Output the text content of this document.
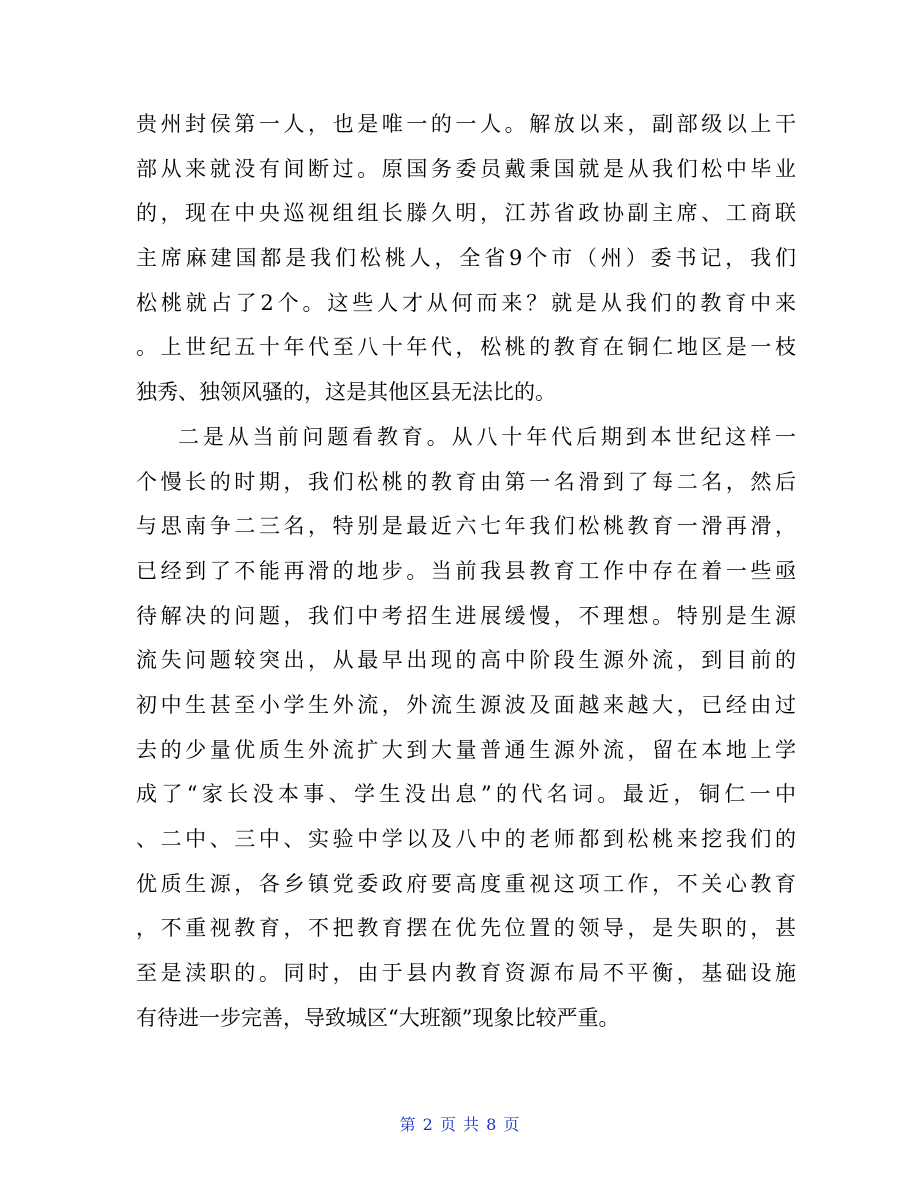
贵州封侯第一人，也是唯一的一人。解放以来，副部级以上干
部从来就没有间断过。原国务委员戴秉国就是从我们松中毕业
的，现在中央巡视组组长滕久明，江苏省政协副主席、工商联
主席麻建国都是我们松桃人，全省9个市（州）委书记，我们
松桃就占了2个。这些人才从何而来？就是从我们的教育中来
。上世纪五十年代至八十年代，松桃的教育在铜仁地区是一枝
独秀、独领风骚的，这是其他区县无法比的。
二是从当前问题看教育。从八十年代后期到本世纪这样一
个慢长的时期，我们松桃的教育由第一名滑到了每二名，然后
与思南争二三名，特别是最近六七年我们松桃教育一滑再滑，
已经到了不能再滑的地步。当前我县教育工作中存在着一些亟
待解决的问题，我们中考招生进展缓慢，不理想。特别是生源
流失问题较突出，从最早出现的高中阶段生源外流，到目前的
初中生甚至小学生外流，外流生源波及面越来越大，已经由过
去的少量优质生外流扩大到大量普通生源外流，留在本地上学
成了“家长没本事、学生没出息”的代名词。最近，铜仁一中
、二中、三中、实验中学以及八中的老师都到松桃来挖我们的
优质生源，各乡镇党委政府要高度重视这项工作，不关心教育
，不重视教育，不把教育摆在优先位置的领导，是失职的，甚
至是渎职的。同时，由于县内教育资源布局不平衡，基础设施
有待进一步完善，导致城区“大班额”现象比较严重。
第 2 页 共 8 页
